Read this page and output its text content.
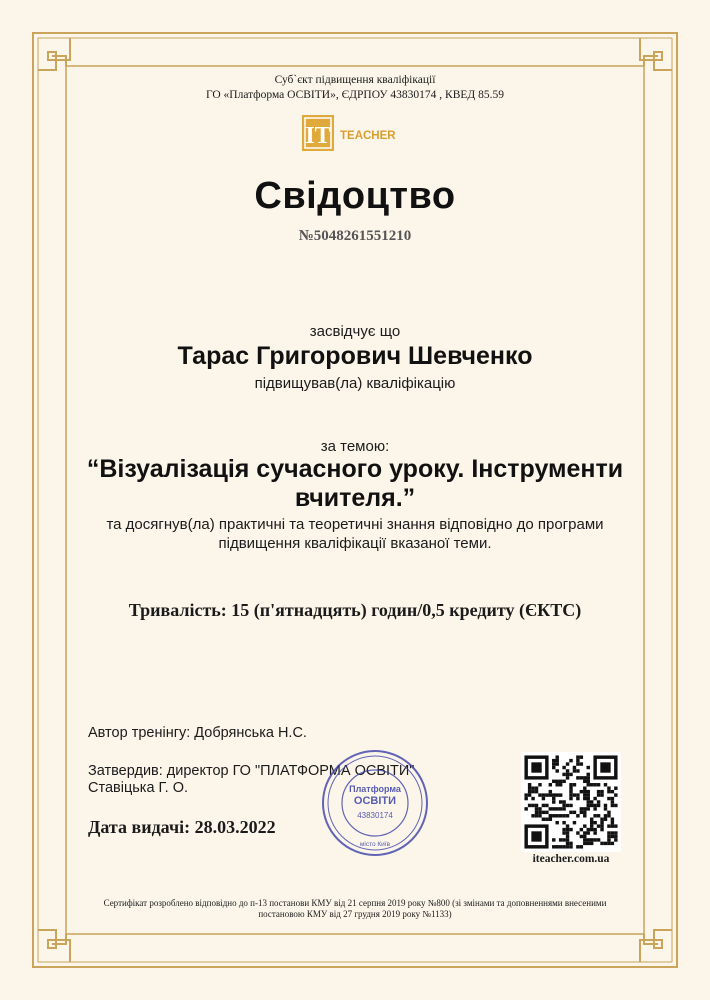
Суб`єкт підвищення кваліфікації
ГО «Платформа ОСВІТИ», ЄДРПОУ 43830174 , КВЕД 85.59
IT TEACHER
Свідоцтво
№5048261551210
засвідчує що
Тарас Григорович Шевченко
підвищував(ла) кваліфікацію
за темою:
“Візуалізація сучасного уроку. Інструменти вчителя.”
та досягнув(ла) практичні та теоретичні знання відповідно до програми підвищення кваліфікації вказаної теми.
Тривалість: 15 (п'ятнадцять) годин/0,5 кредиту (ЄКТС)
Автор тренінгу: Добрянська Н.С.
Затвердив: директор ГО "ПЛАТФОРМА ОСВІТИ"
Ставіцька Г. О.
Дата видачі: 28.03.2022
Платформа
ОСВІТИ
43830174
місто Київ
iteacher.com.ua
Сертифікат розроблено відповідно до п-13 постанови КМУ від 21 серпня 2019 року №800 (зі змінами та доповненнями внесеними постановою КМУ від 27 грудня 2019 року №1133)
